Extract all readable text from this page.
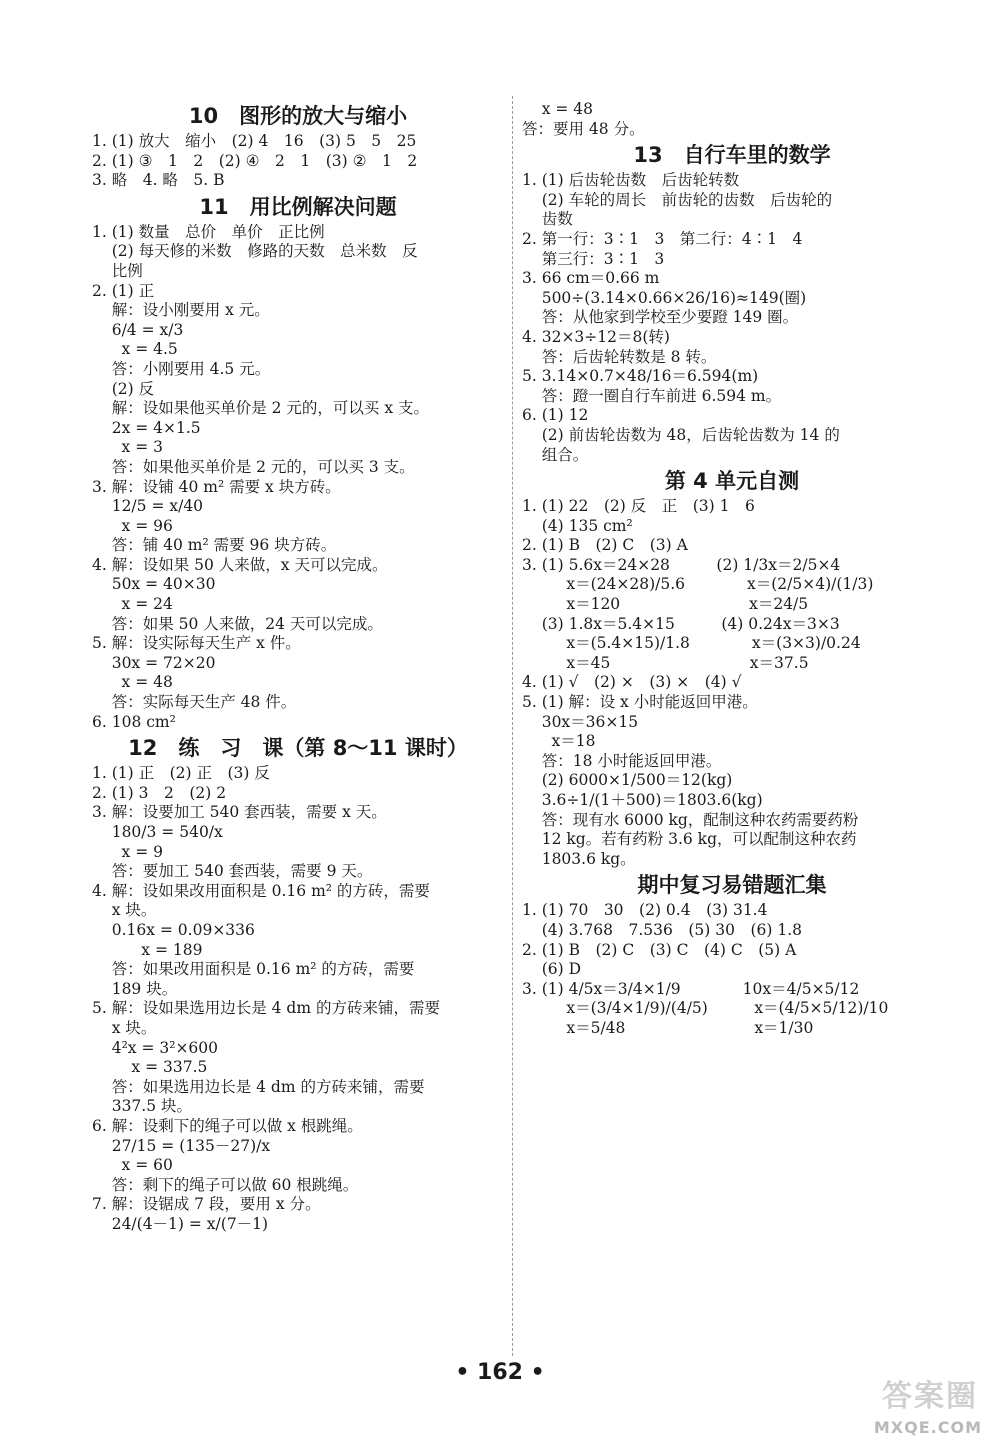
10　图形的放大与缩小
1. (1) 放大　缩小　(2) 4　16　(3) 5　5　25
2. (1) ③　1　2　(2) ④　2　1　(3) ②　1　2
3. 略　4. 略　5. B
11　用比例解决问题
1. (1) 数量　总价　单价　正比例
(2) 每天修的米数　修路的天数　总米数　反
比例
2. (1) 正
解：设小刚要用 x 元。
6/4 = x/3
x = 4.5
答：小刚要用 4.5 元。
(2) 反
解：设如果他买单价是 2 元的，可以买 x 支。
2x = 4×1.5
x = 3
答：如果他买单价是 2 元的，可以买 3 支。
3. 解：设铺 40 m² 需要 x 块方砖。
12/5 = x/40
x = 96
答：铺 40 m² 需要 96 块方砖。
4. 解：设如果 50 人来做，x 天可以完成。
50x = 40×30
x = 24
答：如果 50 人来做，24 天可以完成。
5. 解：设实际每天生产 x 件。
30x = 72×20
x = 48
答：实际每天生产 48 件。
6. 108 cm²
12　练　习　课（第 8～11 课时）
1. (1) 正　(2) 正　(3) 反
2. (1) 3　2　(2) 2
3. 解：设要加工 540 套西装，需要 x 天。
180/3 = 540/x
x = 9
答：要加工 540 套西装，需要 9 天。
4. 解：设如果改用面积是 0.16 m² 的方砖，需要
x 块。
0.16x = 0.09×336
x = 189
答：如果改用面积是 0.16 m² 的方砖，需要
189 块。
5. 解：设如果选用边长是 4 dm 的方砖来铺，需要
x 块。
4²x = 3²×600
x = 337.5
答：如果选用边长是 4 dm 的方砖来铺，需要
337.5 块。
6. 解：设剩下的绳子可以做 x 根跳绳。
27/15 = (135－27)/x
x = 60
答：剩下的绳子可以做 60 根跳绳。
7. 解：设锯成 7 段，要用 x 分。
24/(4－1) = x/(7－1)
x = 48
答：要用 48 分。
13　自行车里的数学
1. (1) 后齿轮齿数　后齿轮转数
(2) 车轮的周长　前齿轮的齿数　后齿轮的
齿数
2. 第一行：3∶1　3　第二行：4∶1　4
第三行：3∶1　3
3. 66 cm＝0.66 m
500÷(3.14×0.66×26/16)≈149(圈)
答：从他家到学校至少要蹬 149 圈。
4. 32×3÷12＝8(转)
答：后齿轮转数是 8 转。
5. 3.14×0.7×48/16＝6.594(m)
答：蹬一圈自行车前进 6.594 m。
6. (1) 12
(2) 前齿轮齿数为 48，后齿轮齿数为 14 的
组合。
第 4 单元自测
1. (1) 22　(2) 反　正　(3) 1　6
(4) 135 cm²
2. (1) B　(2) C　(3) A
3. (1) 5.6x＝24×28　　　(2) 1/3x＝2/5×4
x＝(24×28)/5.6　　　　x＝(2/5×4)/(1/3)
x＝120　　　　　　　　 x＝24/5
(3) 1.8x＝5.4×15　　　(4) 0.24x＝3×3
x＝(5.4×15)/1.8　　　　x＝(3×3)/0.24
x＝45　　　　　　　　　x＝37.5
4. (1) √　(2) ×　(3) ×　(4) √
5. (1) 解：设 x 小时能返回甲港。
30x＝36×15
x＝18
答：18 小时能返回甲港。
(2) 6000×1/500＝12(kg)
3.6÷1/(1＋500)＝1803.6(kg)
答：现有水 6000 kg，配制这种农药需要药粉
12 kg。若有药粉 3.6 kg，可以配制这种农药
1803.6 kg。
期中复习易错题汇集
1. (1) 70　30　(2) 0.4　(3) 31.4
(4) 3.768　7.536　(5) 30　(6) 1.8
2. (1) B　(2) C　(3) C　(4) C　(5) A
(6) D
3. (1) 4/5x＝3/4×1/9　　　　10x＝4/5×5/12
x＝(3/4×1/9)/(4/5)　　　x＝(4/5×5/12)/10
x＝5/48　　　　　　　　 x＝1/30
• 162 •
答案圈
MXQE.COM
